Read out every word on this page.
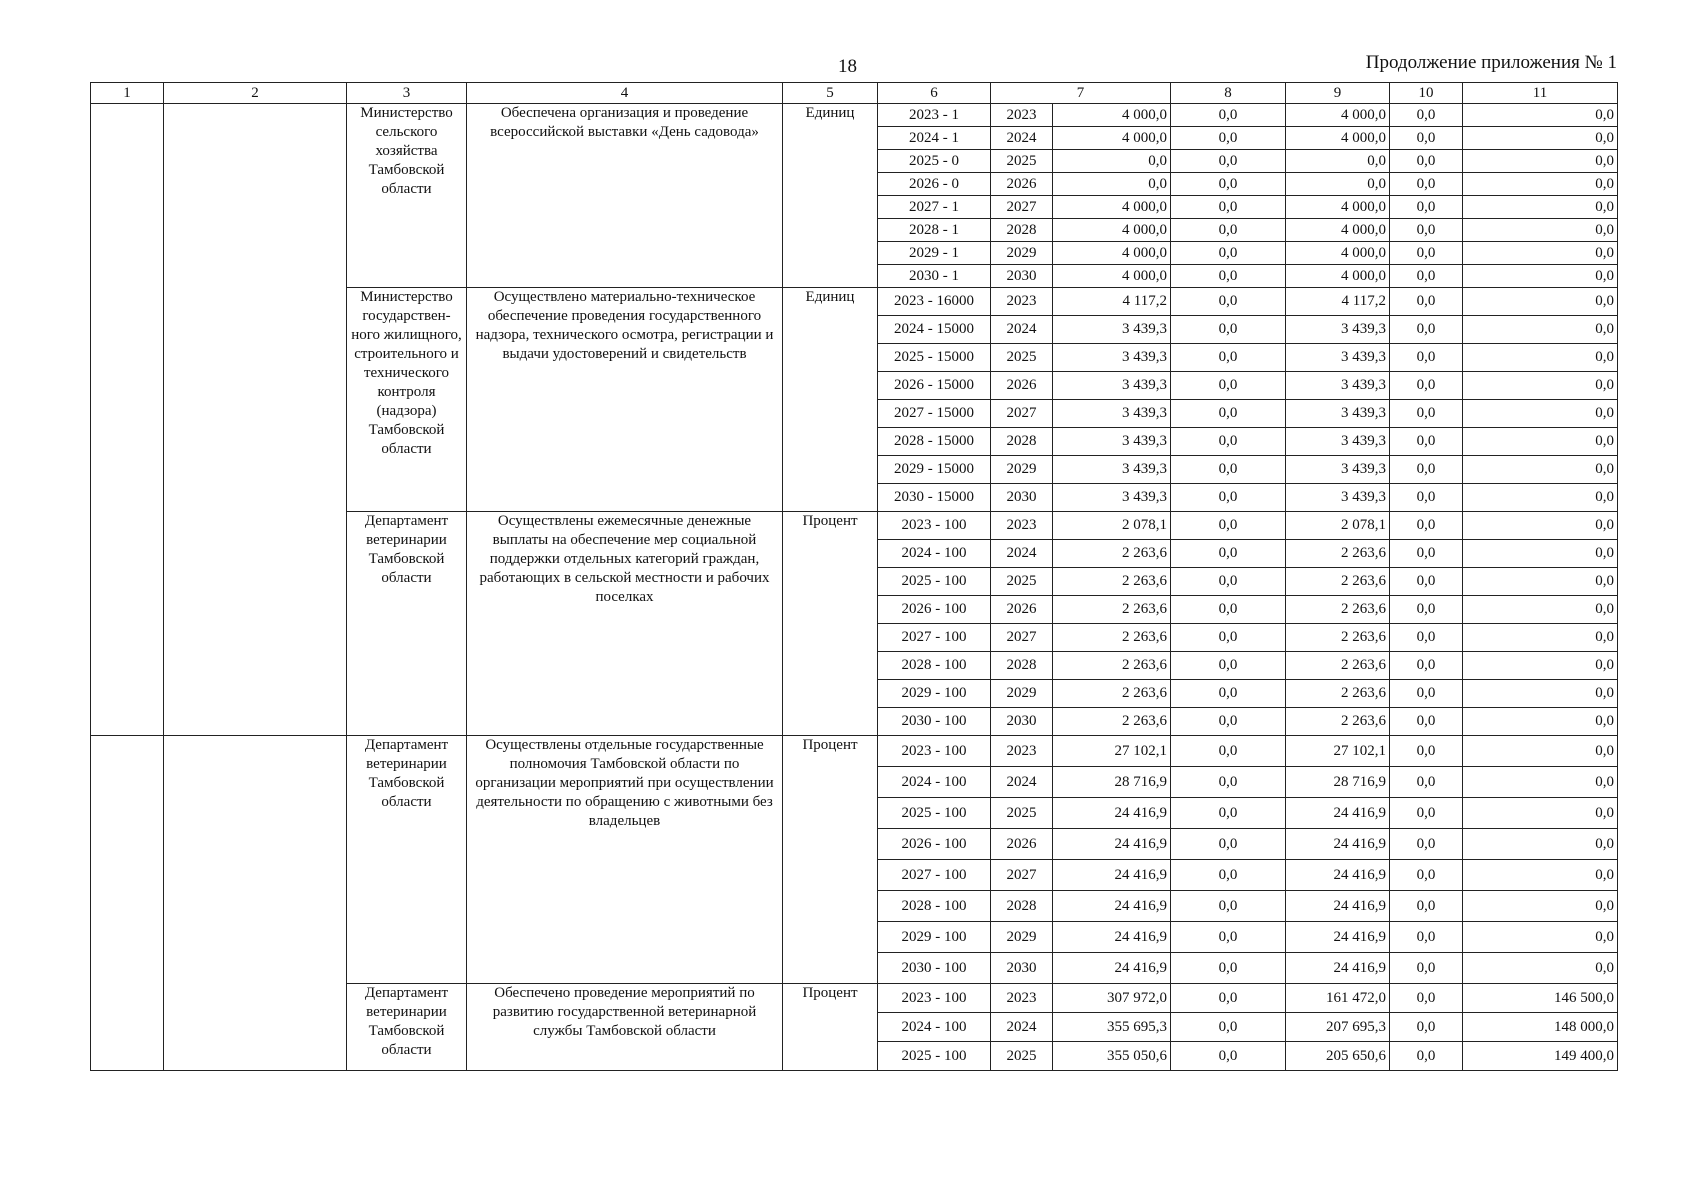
18	Продолжение приложения № 1
1	2	3	4	5	6	7		8	9	10	11
		Министерство сельского хозяйства Тамбовской области	Обеспечена организация и проведение всероссийской выставки «День садовода»	Единиц	2023 - 1	2023	4 000,0	0,0	4 000,0	0,0	0,0
					2024 - 1	2024	4 000,0	0,0	4 000,0	0,0	0,0
					2025 - 0	2025	0,0	0,0	0,0	0,0	0,0
					2026 - 0	2026	0,0	0,0	0,0	0,0	0,0
					2027 - 1	2027	4 000,0	0,0	4 000,0	0,0	0,0
					2028 - 1	2028	4 000,0	0,0	4 000,0	0,0	0,0
					2029 - 1	2029	4 000,0	0,0	4 000,0	0,0	0,0
					2030 - 1	2030	4 000,0	0,0	4 000,0	0,0	0,0
		Министерство государствен-ного жилищного, строительного и технического контроля (надзора) Тамбовской области	Осуществлено материально-техническое обеспечение проведения государственного надзора, технического осмотра, регистрации и выдачи удостоверений и свидетельств	Единиц	2023 - 16000	2023	4 117,2	0,0	4 117,2	0,0	0,0
					2024 - 15000	2024	3 439,3	0,0	3 439,3	0,0	0,0
					2025 - 15000	2025	3 439,3	0,0	3 439,3	0,0	0,0
					2026 - 15000	2026	3 439,3	0,0	3 439,3	0,0	0,0
					2027 - 15000	2027	3 439,3	0,0	3 439,3	0,0	0,0
					2028 - 15000	2028	3 439,3	0,0	3 439,3	0,0	0,0
					2029 - 15000	2029	3 439,3	0,0	3 439,3	0,0	0,0
					2030 - 15000	2030	3 439,3	0,0	3 439,3	0,0	0,0
		Департамент ветеринарии Тамбовской области	Осуществлены ежемесячные денежные выплаты на обеспечение мер социальной поддержки отдельных категорий граждан, работающих в сельской местности и рабочих поселках	Процент	2023 - 100	2023	2 078,1	0,0	2 078,1	0,0	0,0
					2024 - 100	2024	2 263,6	0,0	2 263,6	0,0	0,0
					2025 - 100	2025	2 263,6	0,0	2 263,6	0,0	0,0
					2026 - 100	2026	2 263,6	0,0	2 263,6	0,0	0,0
					2027 - 100	2027	2 263,6	0,0	2 263,6	0,0	0,0
					2028 - 100	2028	2 263,6	0,0	2 263,6	0,0	0,0
					2029 - 100	2029	2 263,6	0,0	2 263,6	0,0	0,0
					2030 - 100	2030	2 263,6	0,0	2 263,6	0,0	0,0
		Департамент ветеринарии Тамбовской области	Осуществлены отдельные государственные полномочия Тамбовской области по организации мероприятий при осуществлении деятельности по обращению с животными без владельцев	Процент	2023 - 100	2023	27 102,1	0,0	27 102,1	0,0	0,0
					2024 - 100	2024	28 716,9	0,0	28 716,9	0,0	0,0
					2025 - 100	2025	24 416,9	0,0	24 416,9	0,0	0,0
					2026 - 100	2026	24 416,9	0,0	24 416,9	0,0	0,0
					2027 - 100	2027	24 416,9	0,0	24 416,9	0,0	0,0
					2028 - 100	2028	24 416,9	0,0	24 416,9	0,0	0,0
					2029 - 100	2029	24 416,9	0,0	24 416,9	0,0	0,0
					2030 - 100	2030	24 416,9	0,0	24 416,9	0,0	0,0
		Департамент ветеринарии Тамбовской области	Обеспечено проведение мероприятий по развитию государственной ветеринарной службы Тамбовской области	Процент	2023 - 100	2023	307 972,0	0,0	161 472,0	0,0	146 500,0
					2024 - 100	2024	355 695,3	0,0	207 695,3	0,0	148 000,0
					2025 - 100	2025	355 050,6	0,0	205 650,6	0,0	149 400,0
